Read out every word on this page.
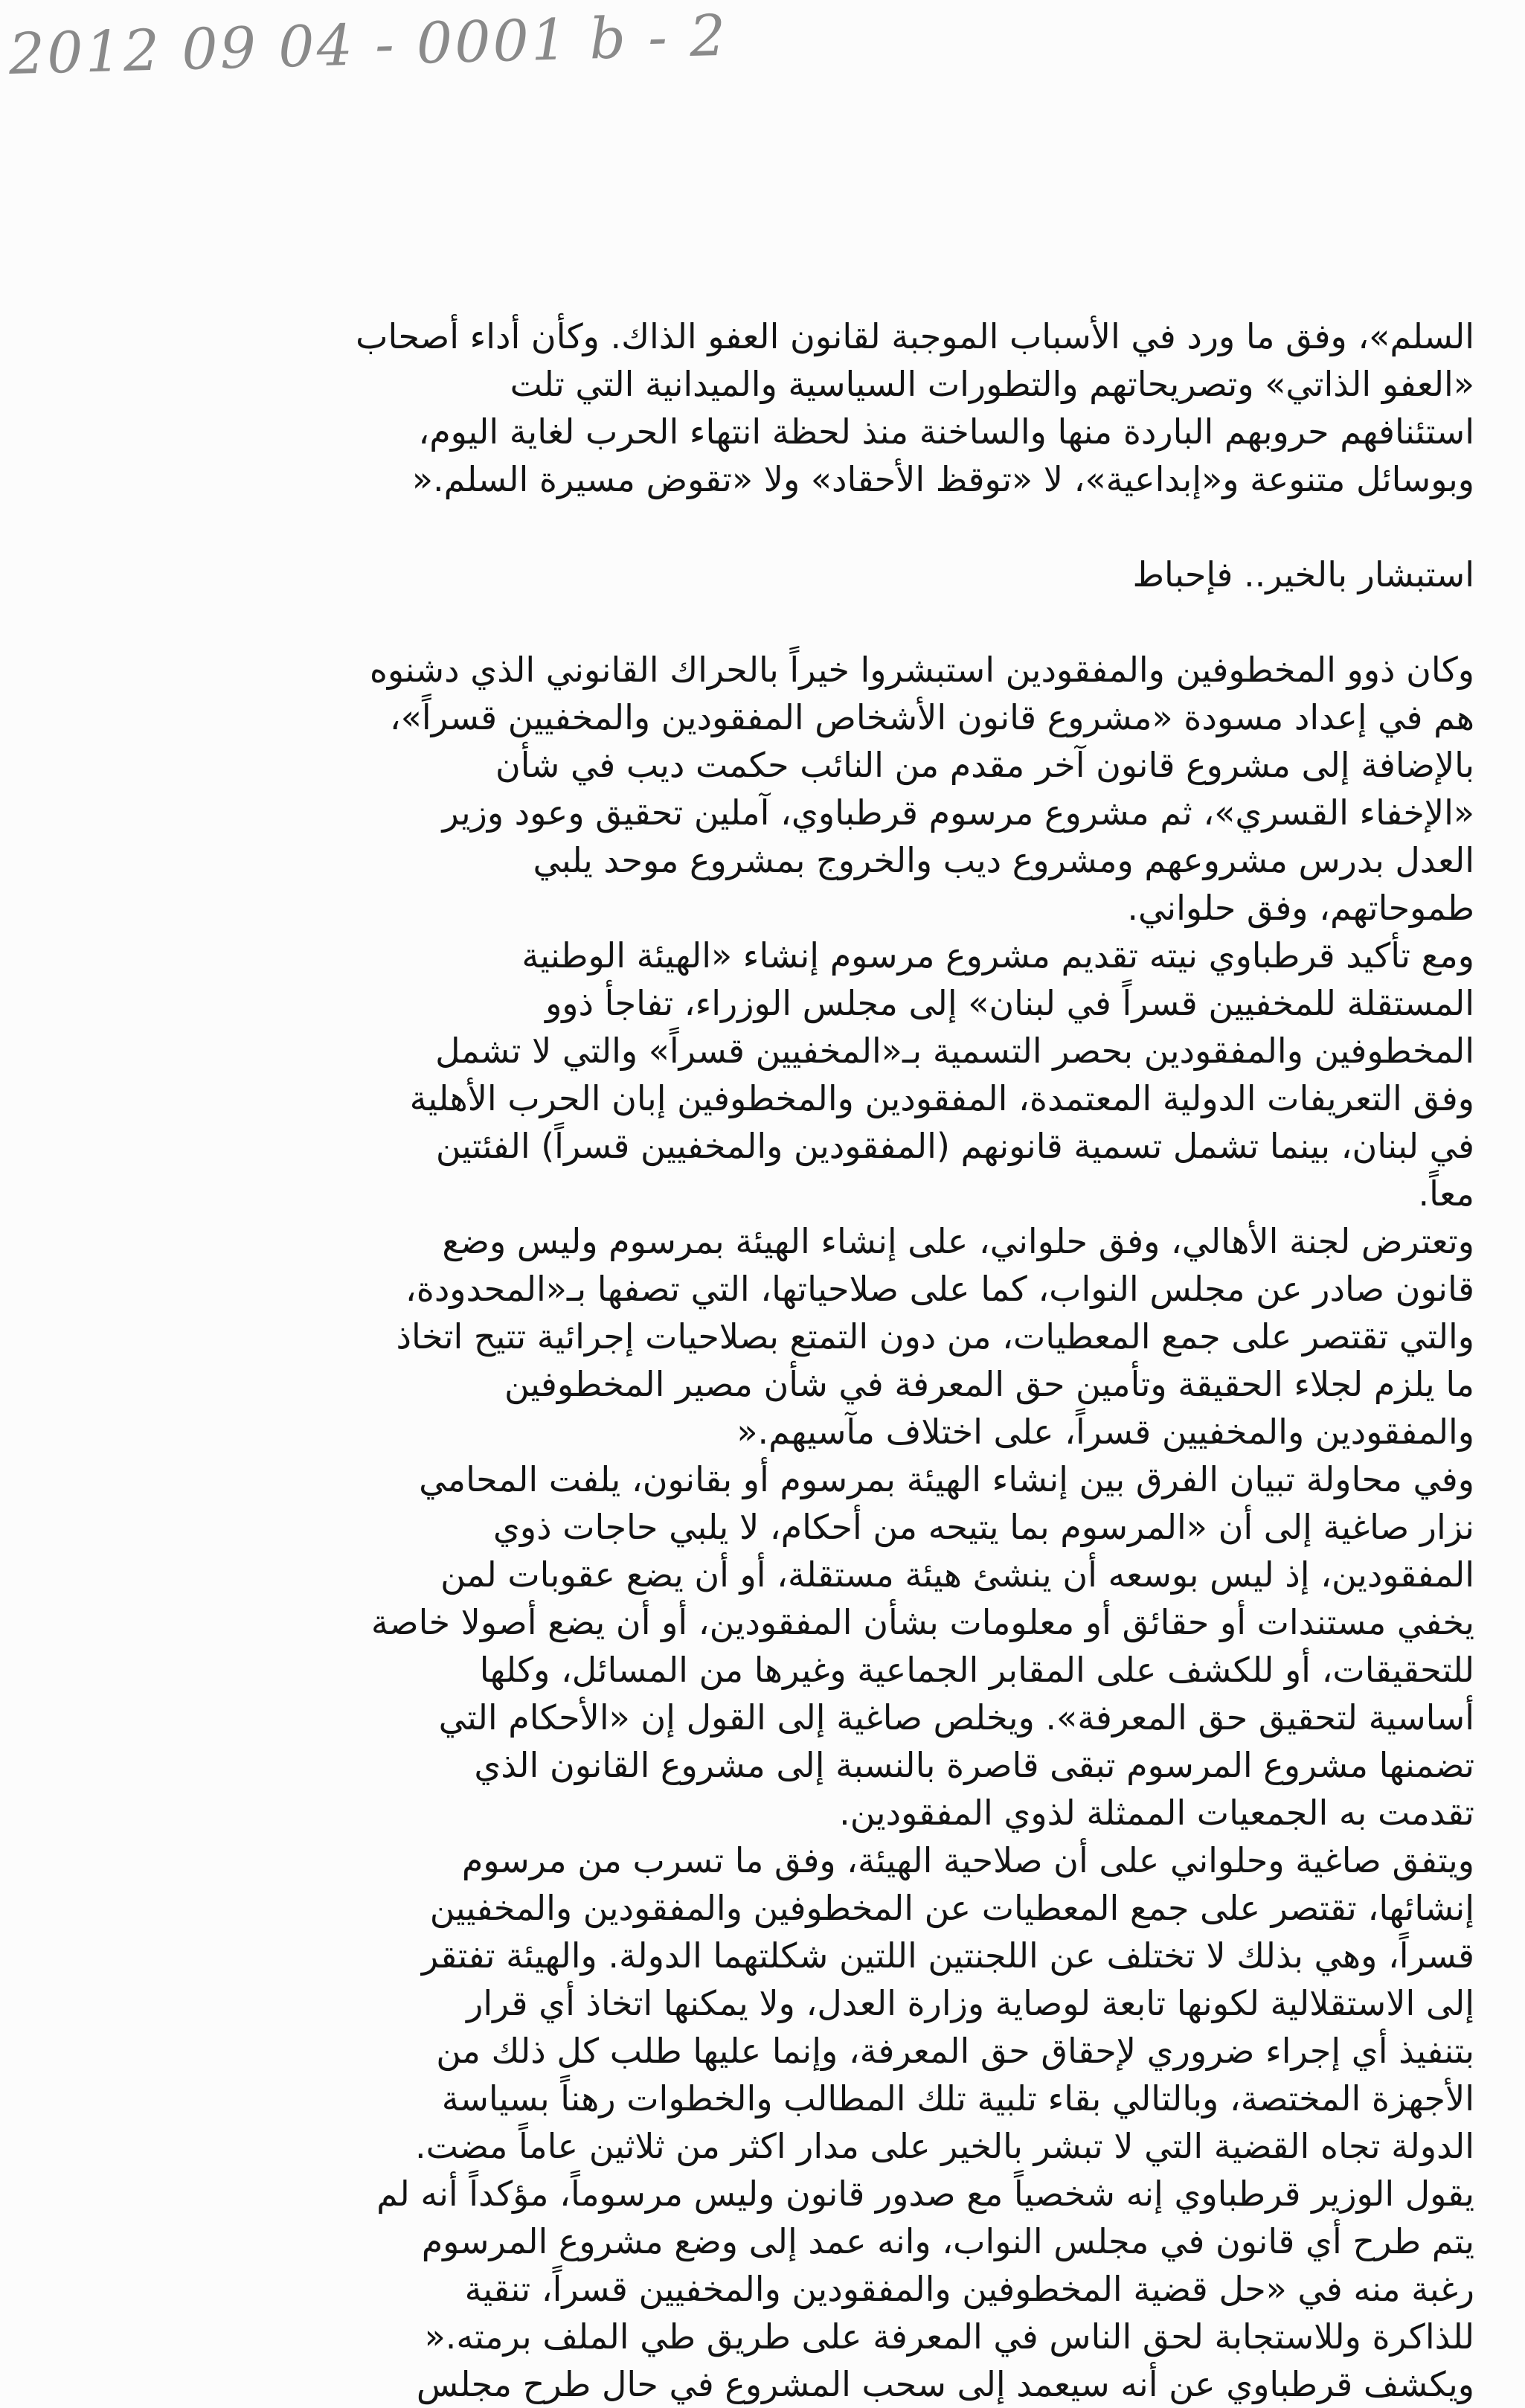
2012 09 04 - 0001 b - 2
السلم»، وفق ما ورد في الأسباب الموجبة لقانون العفو الذاك. وكأن أداء أصحاب
«العفو الذاتي» وتصريحاتهم والتطورات السياسية والميدانية التي تلت
استئنافهم حروبهم الباردة منها والساخنة منذ لحظة انتهاء الحرب لغاية اليوم،
وبوسائل متنوعة و«إبداعية»، لا «توقظ الأحقاد» ولا «تقوض مسيرة السلم.«
استبشار بالخير.. فإحباط
وكان ذوو المخطوفين والمفقودين استبشروا خيراً بالحراك القانوني الذي دشنوه
هم في إعداد مسودة «مشروع قانون الأشخاص المفقودين والمخفيين قسراً»،
بالإضافة إلى مشروع قانون آخر مقدم من النائب حكمت ديب في شأن
«الإخفاء القسري»، ثم مشروع مرسوم قرطباوي، آملين تحقيق وعود وزير
العدل بدرس مشروعهم ومشروع ديب والخروج بمشروع موحد يلبي
طموحاتهم، وفق حلواني.
ومع تأكيد قرطباوي نيته تقديم مشروع مرسوم إنشاء «الهيئة الوطنية
المستقلة للمخفيين قسراً في لبنان» إلى مجلس الوزراء، تفاجأ ذوو
المخطوفين والمفقودين بحصر التسمية بـ«المخفيين قسراً» والتي لا تشمل
وفق التعريفات الدولية المعتمدة، المفقودين والمخطوفين إبان الحرب الأهلية
في لبنان، بينما تشمل تسمية قانونهم (المفقودين والمخفيين قسراً) الفئتين
معاً.
وتعترض لجنة الأهالي، وفق حلواني، على إنشاء الهيئة بمرسوم وليس وضع
قانون صادر عن مجلس النواب، كما على صلاحياتها، التي تصفها بـ«المحدودة،
والتي تقتصر على جمع المعطيات، من دون التمتع بصلاحيات إجرائية تتيح اتخاذ
ما يلزم لجلاء الحقيقة وتأمين حق المعرفة في شأن مصير المخطوفين
والمفقودين والمخفيين قسراً، على اختلاف مآسيهم.«
وفي محاولة تبيان الفرق بين إنشاء الهيئة بمرسوم أو بقانون، يلفت المحامي
نزار صاغية إلى أن «المرسوم بما يتيحه من أحكام، لا يلبي حاجات ذوي
المفقودين، إذ ليس بوسعه أن ينشئ هيئة مستقلة، أو أن يضع عقوبات لمن
يخفي مستندات أو حقائق أو معلومات بشأن المفقودين، أو أن يضع أصولا خاصة
للتحقيقات، أو للكشف على المقابر الجماعية وغيرها من المسائل، وكلها
أساسية لتحقيق حق المعرفة». ويخلص صاغية إلى القول إن «الأحكام التي
تضمنها مشروع المرسوم تبقى قاصرة بالنسبة إلى مشروع القانون الذي
تقدمت به الجمعيات الممثلة لذوي المفقودين.
ويتفق صاغية وحلواني على أن صلاحية الهيئة، وفق ما تسرب من مرسوم
إنشائها، تقتصر على جمع المعطيات عن المخطوفين والمفقودين والمخفيين
قسراً، وهي بذلك لا تختلف عن اللجنتين اللتين شكلتهما الدولة. والهيئة تفتقر
إلى الاستقلالية لكونها تابعة لوصاية وزارة العدل، ولا يمكنها اتخاذ أي قرار
بتنفيذ أي إجراء ضروري لإحقاق حق المعرفة، وإنما عليها طلب كل ذلك من
الأجهزة المختصة، وبالتالي بقاء تلبية تلك المطالب والخطوات رهناً بسياسة
الدولة تجاه القضية التي لا تبشر بالخير على مدار اكثر من ثلاثين عاماً مضت.
يقول الوزير قرطباوي إنه شخصياً مع صدور قانون وليس مرسوماً، مؤكداً أنه لم
يتم طرح أي قانون في مجلس النواب، وانه عمد إلى وضع مشروع المرسوم
رغبة منه في «حل قضية المخطوفين والمفقودين والمخفيين قسراً، تنقية
للذاكرة وللاستجابة لحق الناس في المعرفة على طريق طي الملف برمته.«
ويكشف قرطباوي عن أنه سيعمد إلى سحب المشروع في حال طرح مجلس
